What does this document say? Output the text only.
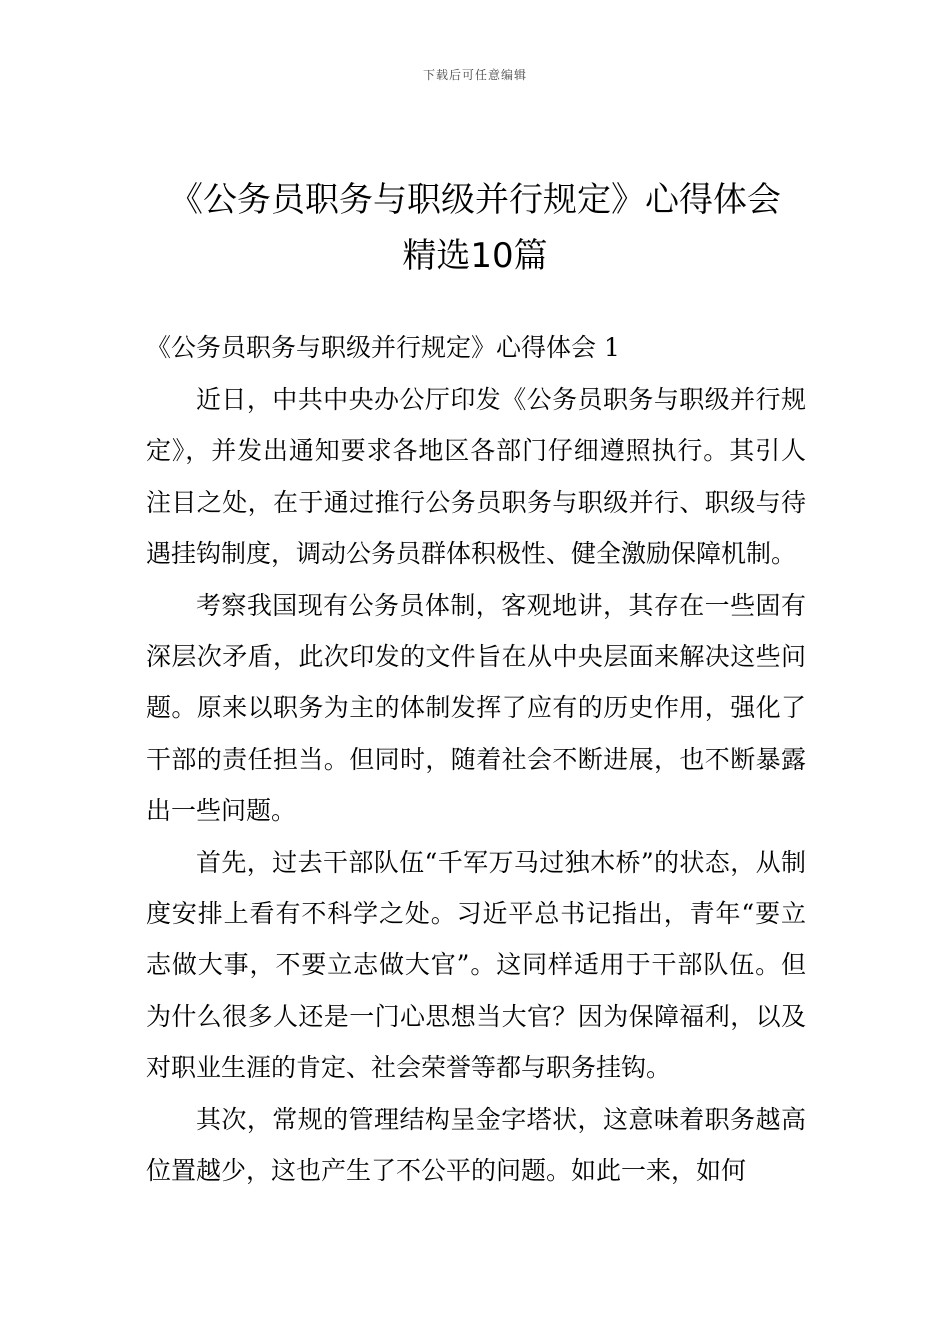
下载后可任意编辑
《公务员职务与职级并行规定》心得体会
精选10篇
《公务员职务与职级并行规定》心得体会 1

近日，中共中央办公厅印发《公务员职务与职级并行规定》，并发出通知要求各地区各部门仔细遵照执行。其引人注目之处，在于通过推行公务员职务与职级并行、职级与待遇挂钩制度，调动公务员群体积极性、健全激励保障机制。

考察我国现有公务员体制，客观地讲，其存在一些固有深层次矛盾，此次印发的文件旨在从中央层面来解决这些问题。原来以职务为主的体制发挥了应有的历史作用，强化了干部的责任担当。但同时，随着社会不断进展，也不断暴露出一些问题。

首先，过去干部队伍“千军万马过独木桥”的状态，从制度安排上看有不科学之处。习近平总书记指出，青年“要立志做大事，不要立志做大官”。这同样适用于干部队伍。但为什么很多人还是一门心思想当大官？因为保障福利，以及对职业生涯的肯定、社会荣誉等都与职务挂钩。

其次，常规的管理结构呈金字塔状，这意味着职务越高位置越少，这也产生了不公平的问题。如此一来，如何
